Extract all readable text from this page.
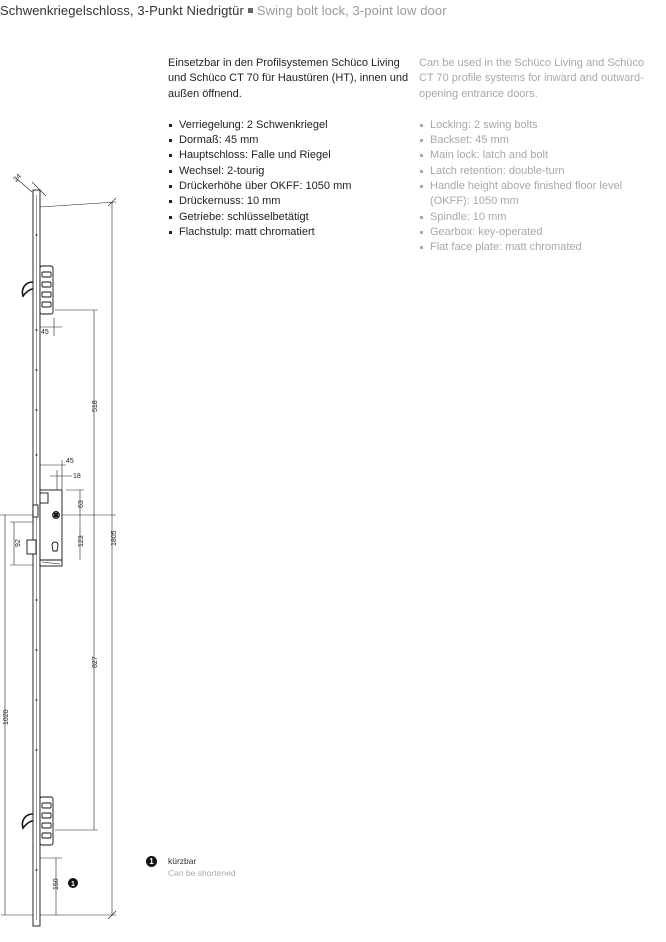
Schwenkriegelschloss, 3-Punkt Niedrigtür Swing bolt lock, 3-point low door

Einsetzbar in den Profilsystemen Schüco Living und Schüco CT 70 für Haustüren (HT), innen und außen öffnend.

Verriegelung: 2 Schwenkriegel
Dormaß: 45 mm
Hauptschloss: Falle und Riegel
Wechsel: 2-tourig
Drückerhöhe über OKFF: 1050 mm
Drückernuss: 10 mm
Getriebe: schlüsselbetätigt
Flachstulp: matt chromatiert

Can be used in the Schüco Living and Schüco CT 70 profile systems for inward and outward-opening entrance doors.

Locking: 2 swing bolts
Backset: 45 mm
Main lock: latch and bolt
Latch retention: double-turn
Handle height above finished floor level (OKFF): 1050 mm
Spindle: 10 mm
Gearbox: key-operated
Flat face plate: matt chromated
24
45
518
45
18
63
92	123	1805
827
1020
150 1
1	kürzbar
Can be shortened
